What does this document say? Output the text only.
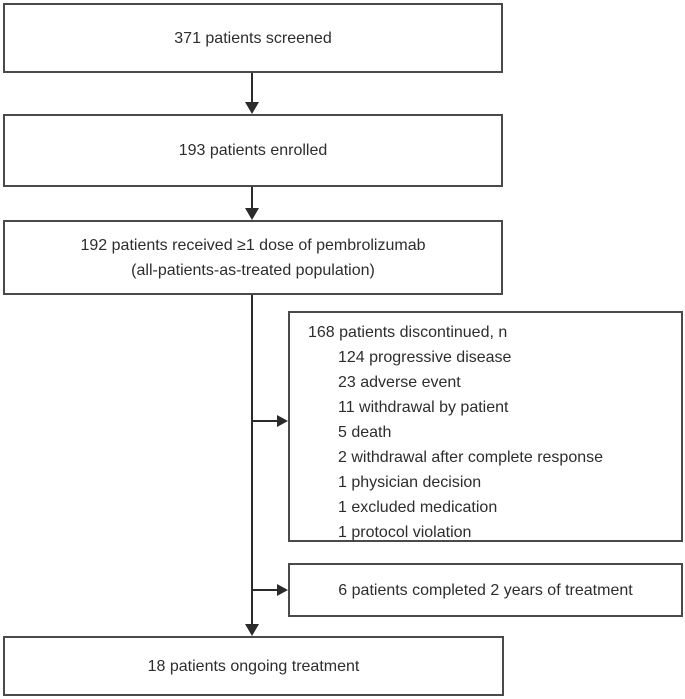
371 patients screened
193 patients enrolled
192 patients received ≥1 dose of pembrolizumab
(all-patients-as-treated population)
168 patients discontinued, n
124 progressive disease
23 adverse event
11 withdrawal by patient
5 death
2 withdrawal after complete response
1 physician decision
1 excluded medication
1 protocol violation
6 patients completed 2 years of treatment
18 patients ongoing treatment
